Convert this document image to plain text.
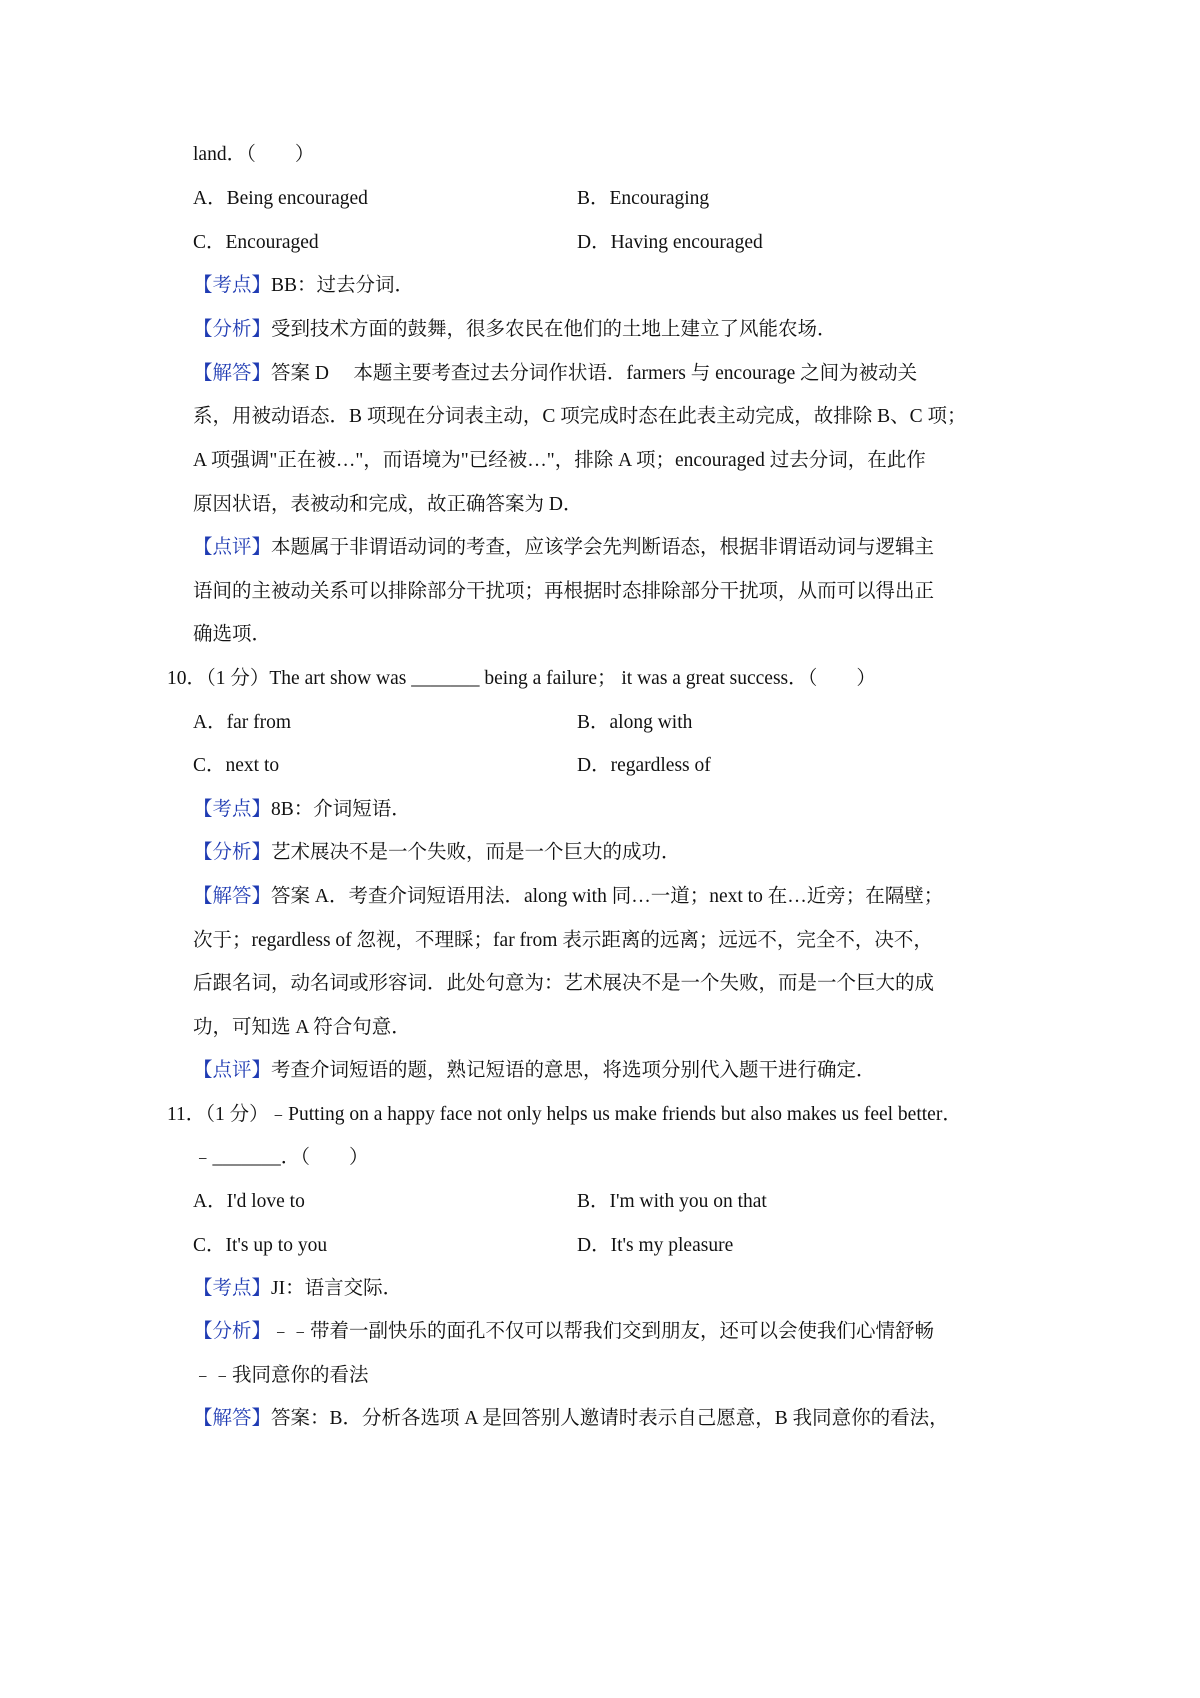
land．（　　）
A．Being encouraged	B．Encouraging
C．Encouraged	D．Having encouraged
【考点】BB：过去分词．
【分析】受到技术方面的鼓舞，很多农民在他们的土地上建立了风能农场．
【解答】答案 D　 本题主要考查过去分词作状语．farmers 与 encourage 之间为被动关
系，用被动语态．B 项现在分词表主动，C 项完成时态在此表主动完成，故排除 B、C 项；
A 项强调"正在被…"，而语境为"已经被…"，排除 A 项；encouraged 过去分词，在此作
原因状语，表被动和完成，故正确答案为 D．
【点评】本题属于非谓语动词的考查，应该学会先判断语态，根据非谓语动词与逻辑主
语间的主被动关系可以排除部分干扰项；再根据时态排除部分干扰项，从而可以得出正
确选项．
10．（1 分）The art show was _______ being a failure； it was a great success．（　　）
A．far from	B．along with
C．next to	D．regardless of
【考点】8B：介词短语．
【分析】艺术展决不是一个失败，而是一个巨大的成功．
【解答】答案 A．考查介词短语用法．along with 同…一道；next to 在…近旁；在隔壁；
次于；regardless of 忽视，不理睬；far from 表示距离的远离；远远不，完全不，决不，
后跟名词，动名词或形容词．此处句意为：艺术展决不是一个失败，而是一个巨大的成
功，可知选 A 符合句意．
【点评】考查介词短语的题，熟记短语的意思，将选项分别代入题干进行确定．
11．（1 分）﹣Putting on a happy face not only helps us make friends but also makes us feel better．
﹣_______．（　　）
A．I'd love to	B．I'm with you on that
C．It's up to you	D．It's my pleasure
【考点】JI：语言交际．
【分析】﹣﹣带着一副快乐的面孔不仅可以帮我们交到朋友，还可以会使我们心情舒畅
﹣﹣我同意你的看法
【解答】答案：B．分析各选项 A 是回答别人邀请时表示自己愿意，B 我同意你的看法，
